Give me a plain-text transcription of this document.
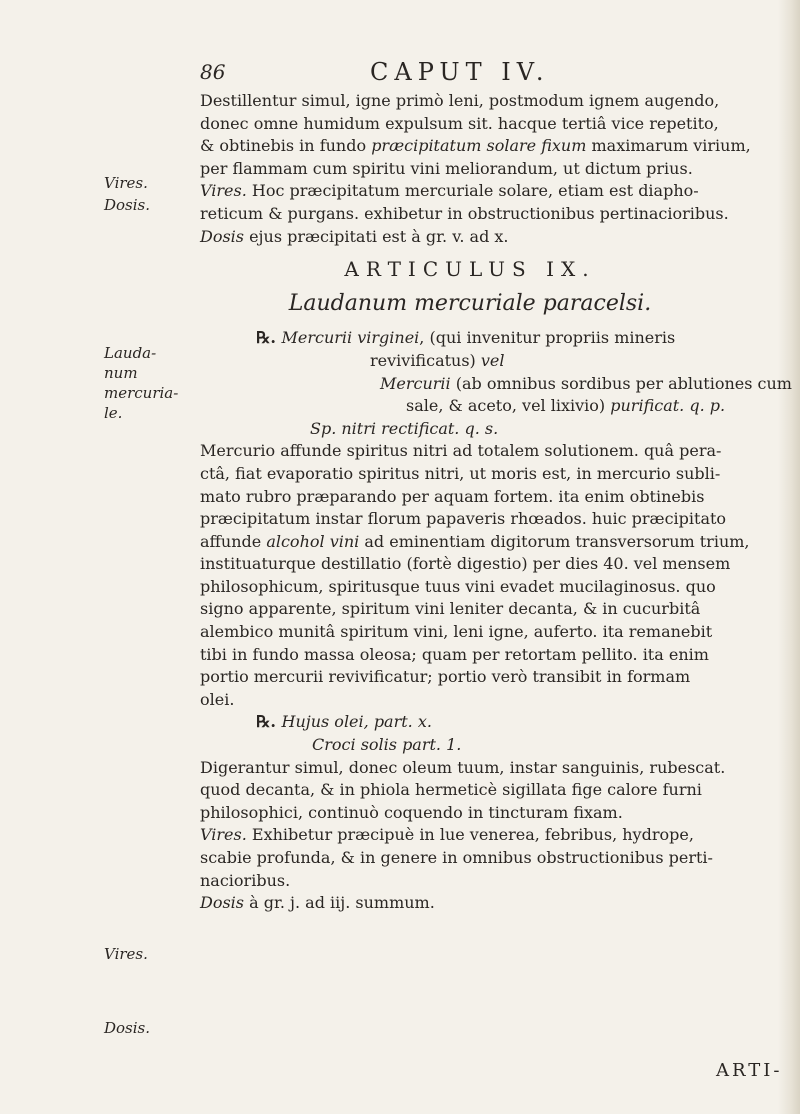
86	CAPUT IV.
Vires.
Dosis.
Lauda-
num
mercuria-
le.
Vires.
Dosis.
Destillentur simul, igne primò leni, postmodum ignem augendo,
donec omne humidum expulsum sit. hacque tertiâ vice repetito,
& obtinebis in fundo præcipitatum solare fixum maximarum virium,
per flammam cum spiritu vini meliorandum, ut dictum prius.
Vires. Hoc præcipitatum mercuriale solare, etiam est diapho-
reticum & purgans. exhibetur in obstructionibus pertinacioribus.
Dosis ejus præcipitati est à gr. v. ad x.
ARTICULUS IX.
Laudanum mercuriale paracelsi.
℞. Mercurii virginei, (qui invenitur propriis mineris
revivificatus) vel
Mercurii (ab omnibus sordibus per ablutiones cum
sale, & aceto, vel lixivio) purificat. q. p.
Sp. nitri rectificat. q. s.
Mercurio affunde spiritus nitri ad totalem solutionem. quâ pera-
ctâ, fiat evaporatio spiritus nitri, ut moris est, in mercurio subli-
mato rubro præparando per aquam fortem. ita enim obtinebis
præcipitatum instar florum papaveris rhœados. huic præcipitato
affunde alcohol vini ad eminentiam digitorum transversorum trium,
instituaturque destillatio (fortè digestio) per dies 40. vel mensem
philosophicum, spiritusque tuus vini evadet mucilaginosus. quo
signo apparente, spiritum vini leniter decanta, & in cucurbitâ
alembico munitâ spiritum vini, leni igne, auferto. ita remanebit
tibi in fundo massa oleosa; quam per retortam pellito. ita enim
portio mercurii revivificatur; portio verò transibit in formam
olei.
℞. Hujus olei, part. x.
Croci solis part. 1.
Digerantur simul, donec oleum tuum, instar sanguinis, rubescat.
quod decanta, & in phiola hermeticè sigillata fige calore furni
philosophici, continuò coquendo in tincturam fixam.
Vires. Exhibetur præcipuè in lue venerea, febribus, hydrope,
scabie profunda, & in genere in omnibus obstructionibus perti-
nacioribus.
Dosis à gr. j. ad iij. summum.
ARTI-
